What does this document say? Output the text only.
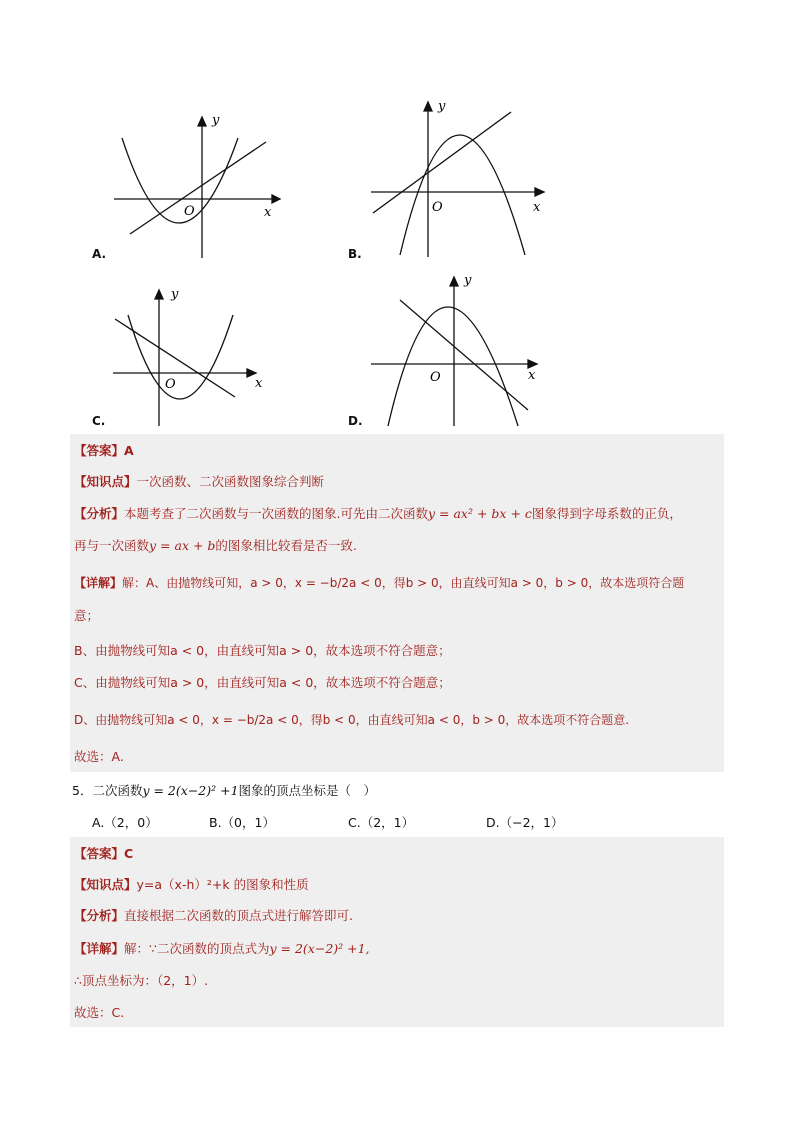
y
x
O
A.
y
x
O
B.
y
x
O
C.
y
x
O
D.
【答案】A
【知识点】一次函数、二次函数图象综合判断
【分析】本题考查了二次函数与一次函数的图象.可先由二次函数y = ax² + bx + c图象得到字母系数的正负，
再与一次函数y = ax + b的图象相比较看是否一致.
【详解】解：A、由抛物线可知，a > 0，x = −b/2a < 0，得b > 0，由直线可知a > 0，b > 0，故本选项符合题
意；
B、由抛物线可知a < 0，由直线可知a > 0，故本选项不符合题意；
C、由抛物线可知a > 0，由直线可知a < 0，故本选项不符合题意；
D、由抛物线可知a < 0，x = −b/2a < 0，得b < 0，由直线可知a < 0，b > 0，故本选项不符合题意.
故选：A.
5．二次函数y = 2(x−2)² +1图象的顶点坐标是（　）
A.（2，0）	B.（0，1）	C.（2，1）	D.（−2，1）
【答案】C
【知识点】y=a（x-h）²+k 的图象和性质
【分析】直接根据二次函数的顶点式进行解答即可.
【详解】解：∵二次函数的顶点式为y = 2(x−2)² +1,
∴顶点坐标为：（2，1）.
故选：C.
